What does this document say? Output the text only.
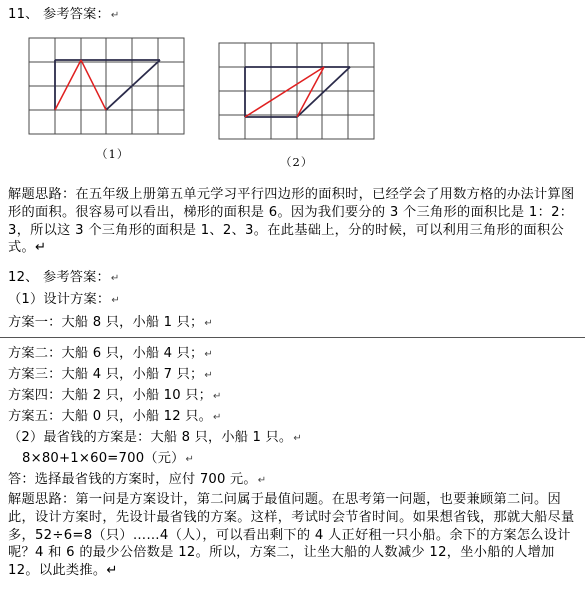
11、 参考答案：↵
（1）
（2）
解题思路：在五年级上册第五单元学习平行四边形的面积时，已经学会了用数方格的办法计算图形的面积。很容易可以看出，梯形的面积是 6。因为我们要分的 3 个三角形的面积比是 1：2：3，所以这 3 个三角形的面积是 1、2、3。在此基础上，分的时候，可以利用三角形的面积公式。↵
12、 参考答案：↵
（1）设计方案：↵
方案一：大船 8 只，小船 1 只；↵
方案二：大船 6 只，小船 4 只；↵
方案三：大船 4 只，小船 7 只；↵
方案四：大船 2 只，小船 10 只；↵
方案五：大船 0 只，小船 12 只。↵
（2）最省钱的方案是：大船 8 只，小船 1 只。↵
8×80+1×60=700（元）↵
答：选择最省钱的方案时，应付 700 元。↵
解题思路：第一问是方案设计，第二问属于最值问题。在思考第一问题，也要兼顾第二问。因此，设计方案时，先设计最省钱的方案。这样，考试时会节省时间。如果想省钱，那就大船尽量多，52÷6=8（只）……4（人），可以看出剩下的 4 人正好租一只小船。余下的方案怎么设计呢？4 和 6 的最少公倍数是 12。所以，方案二，让坐大船的人数减少 12，坐小船的人增加 12。以此类推。↵
